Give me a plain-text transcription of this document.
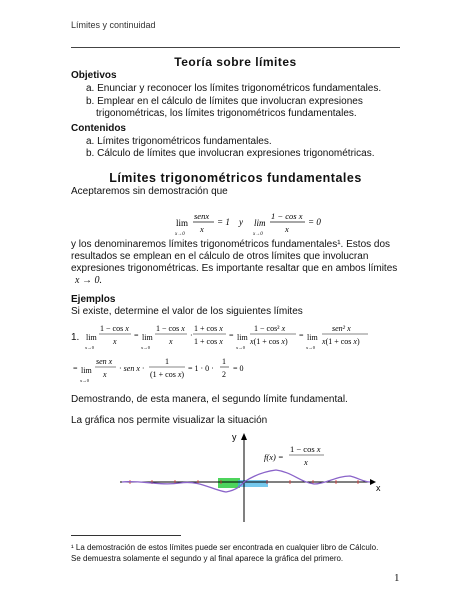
Límites y continuidad
Teoría sobre límites
Objetivos
a. Enunciar y reconocer los límites trigonométricos fundamentales.
b. Emplear en el cálculo de límites que involucran expresiones
trigonométricas, los límites trigonométricos fundamentales.
Contenidos
a. Límites trigonométricos fundamentales.
b. Cálculo de límites que involucran expresiones trigonométricas.
Límites trigonométricos fundamentales
Aceptaremos sin demostración que
lim
x→0
senx
x
= 1 y lim
x→0
1 − cos x
x
= 0
y los denominaremos límites trigonométricos fundamentales¹. Estos dos
resultados se emplean en el cálculo de otros límites que involucran
expresiones trigonométricas. Es importante resaltar que en ambos límites
x → 0.
Ejemplos
Si existe, determine el valor de los siguientes límites
1. lim
x→0
1 − cos x
x
= lim
x→0
1 − cos x
x
·
1 + cos x
1 + cos x
= lim
x→0
1 − cos² x
x(1 + cos x)
= lim
x→0
sen² x
x(1 + cos x)
= lim
x→0
sen x
x
· sen x ·
1
(1 + cos x)
= 1 · 0 ·
1
2
= 0
Demostrando, de esta manera, el segundo límite fundamental.
La gráfica nos permite visualizar la situación
y
x
f(x) =
1 − cos x
x
¹ La demostración de estos límites puede ser encontrada en cualquier libro de Cálculo.
Se demuestra solamente el segundo y al final aparece la gráfica del primero.
1
